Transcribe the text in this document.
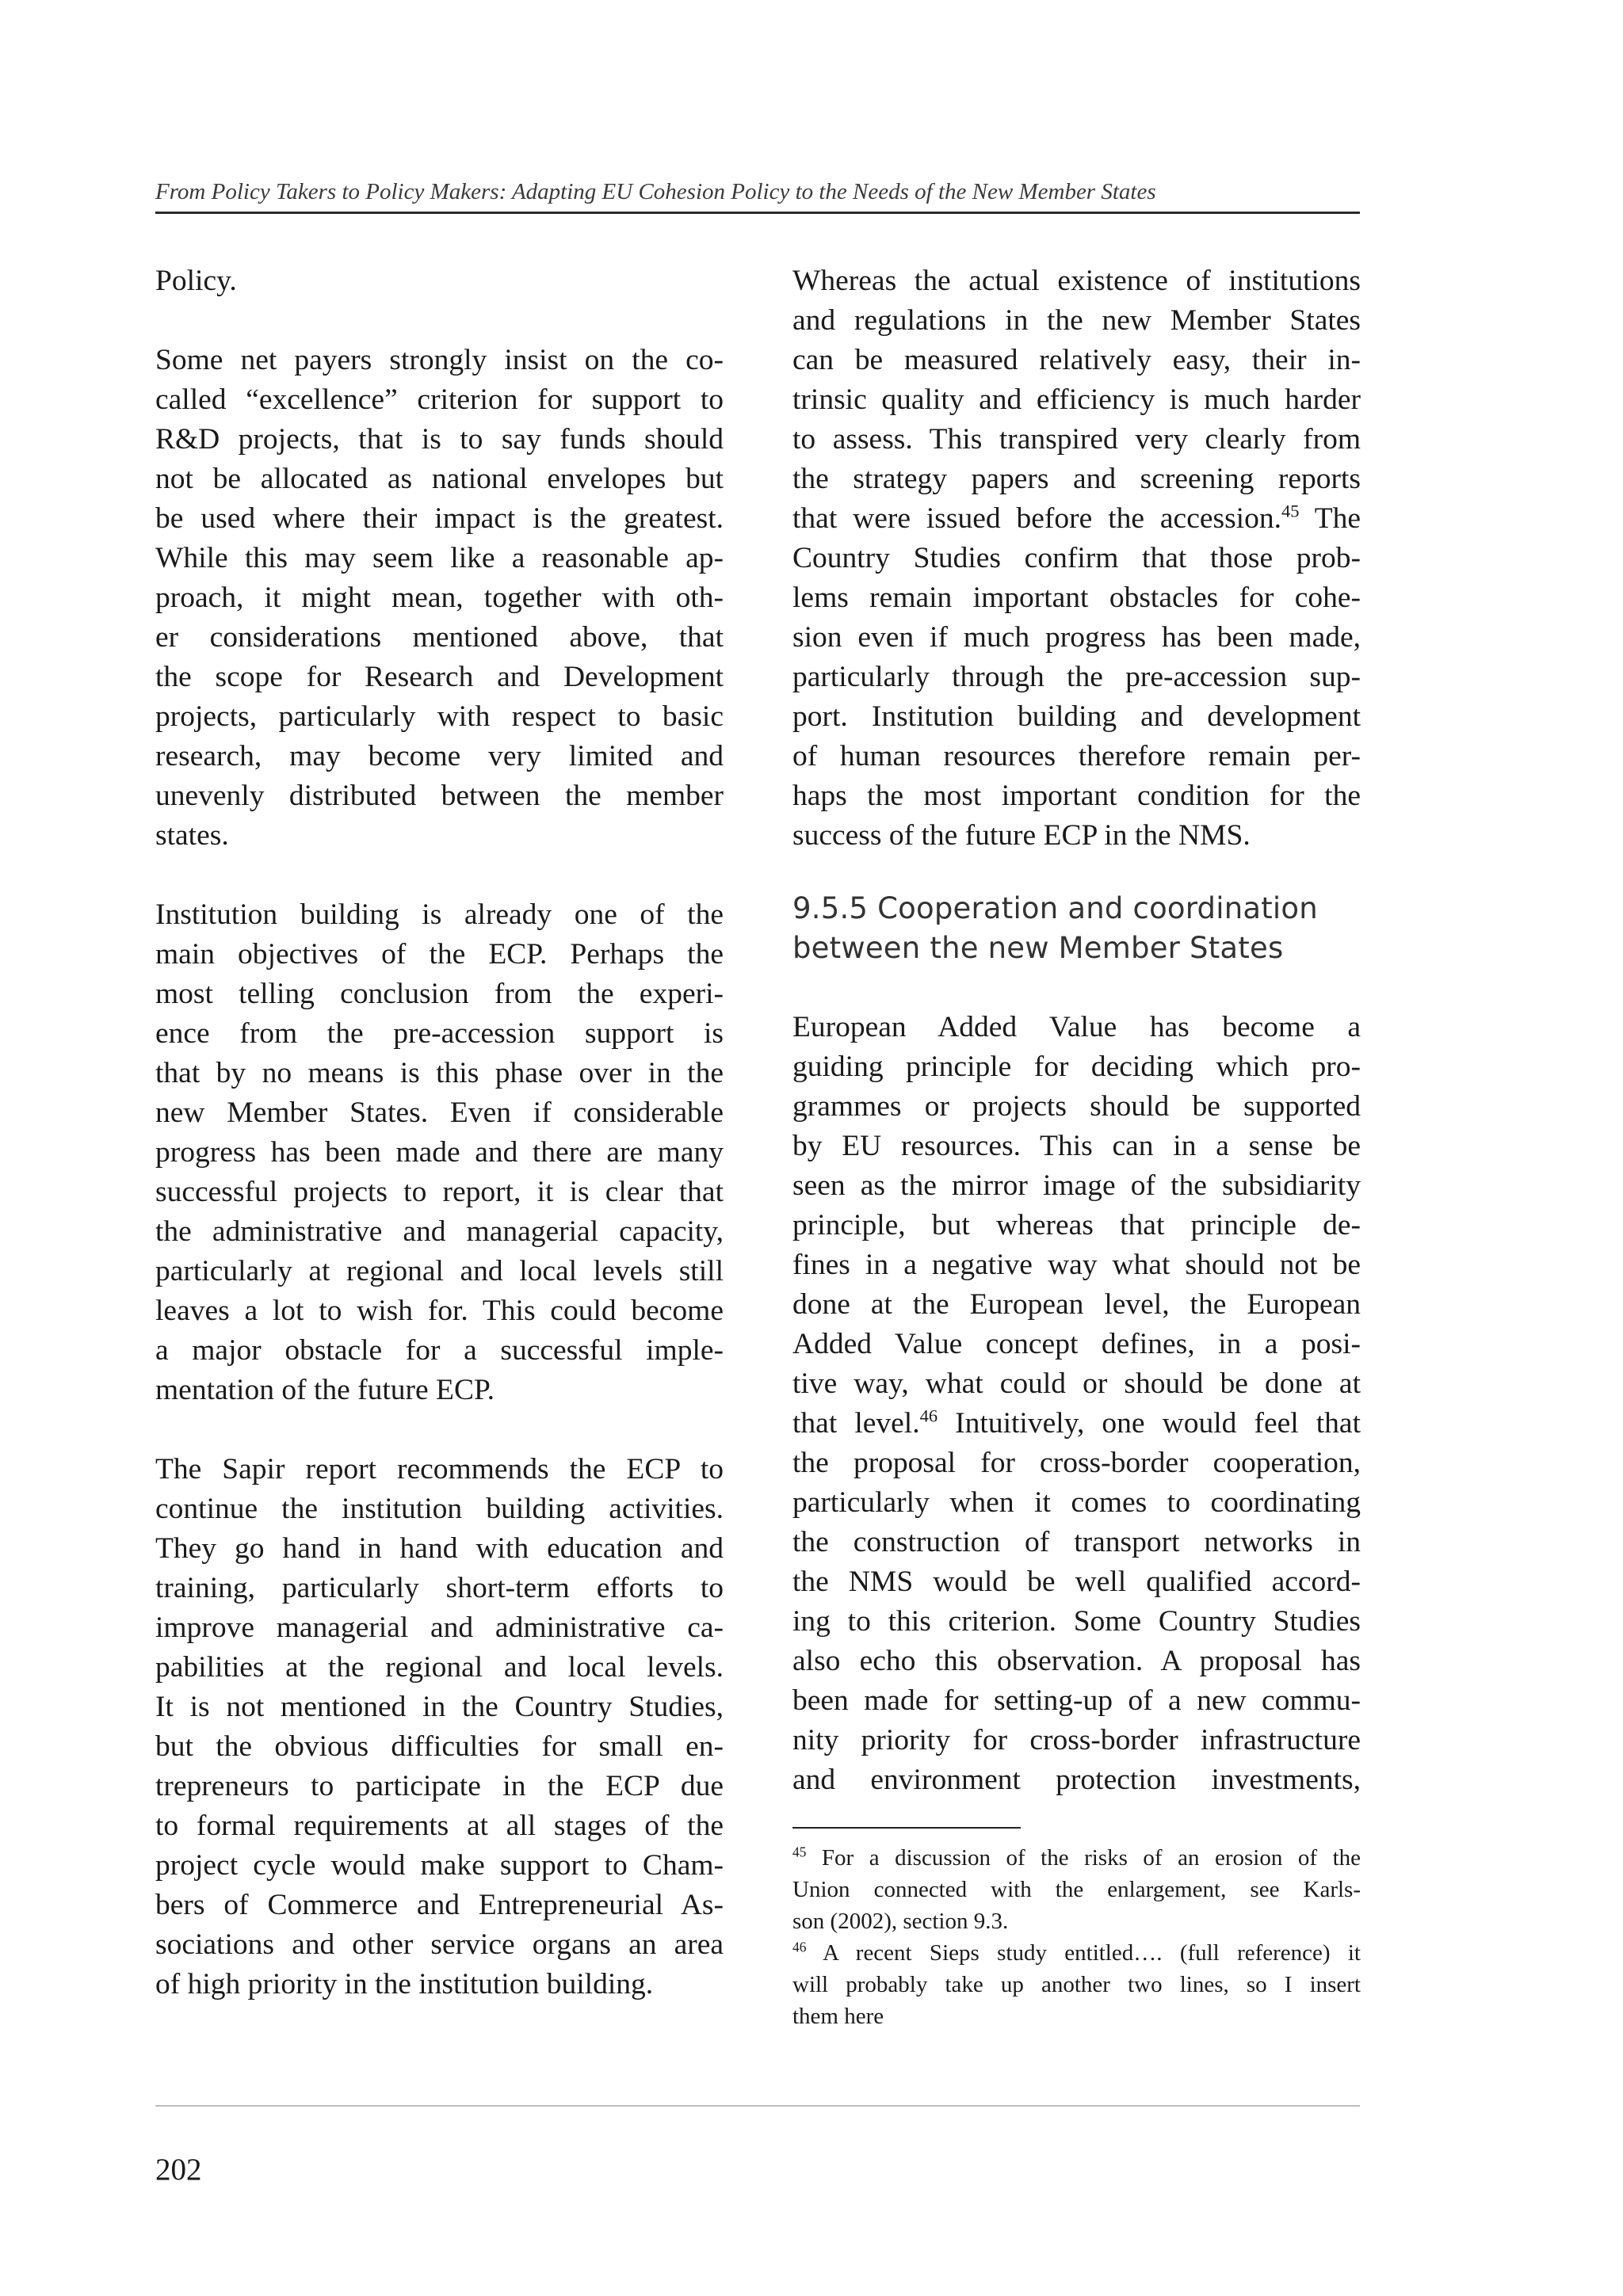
From Policy Takers to Policy Makers: Adapting EU Cohesion Policy to the Needs of the New Member States
Policy.
Some net payers strongly insist on the co-
called “excellence” criterion for support to
R&D projects, that is to say funds should
not be allocated as national envelopes but
be used where their impact is the greatest.
While this may seem like a reasonable ap-
proach, it might mean, together with oth-
er considerations mentioned above, that
the scope for Research and Development
projects, particularly with respect to basic
research, may become very limited and
unevenly distributed between the member
states.
Institution building is already one of the
main objectives of the ECP. Perhaps the
most telling conclusion from the experi-
ence from the pre-accession support is
that by no means is this phase over in the
new Member States. Even if considerable
progress has been made and there are many
successful projects to report, it is clear that
the administrative and managerial capacity,
particularly at regional and local levels still
leaves a lot to wish for. This could become
a major obstacle for a successful imple-
mentation of the future ECP.
The Sapir report recommends the ECP to
continue the institution building activities.
They go hand in hand with education and
training, particularly short-term efforts to
improve managerial and administrative ca-
pabilities at the regional and local levels.
It is not mentioned in the Country Studies,
but the obvious difficulties for small en-
trepreneurs to participate in the ECP due
to formal requirements at all stages of the
project cycle would make support to Cham-
bers of Commerce and Entrepreneurial As-
sociations and other service organs an area
of high priority in the institution building.
Whereas the actual existence of institutions
and regulations in the new Member States
can be measured relatively easy, their in-
trinsic quality and efficiency is much harder
to assess. This transpired very clearly from
the strategy papers and screening reports
that were issued before the accession.$^{45}$ The
Country Studies confirm that those prob-
lems remain important obstacles for cohe-
sion even if much progress has been made,
particularly through the pre-accession sup-
port. Institution building and development
of human resources therefore remain per-
haps the most important condition for the
success of the future ECP in the NMS.
9.5.5 Cooperation and coordination
between the new Member States
European Added Value has become a
guiding principle for deciding which pro-
grammes or projects should be supported
by EU resources. This can in a sense be
seen as the mirror image of the subsidiarity
principle, but whereas that principle de-
fines in a negative way what should not be
done at the European level, the European
Added Value concept defines, in a posi-
tive way, what could or should be done at
that level.$^{46}$ Intuitively, one would feel that
the proposal for cross-border cooperation,
particularly when it comes to coordinating
the construction of transport networks in
the NMS would be well qualified accord-
ing to this criterion. Some Country Studies
also echo this observation. A proposal has
been made for setting-up of a new commu-
nity priority for cross-border infrastructure
and environment protection investments,
$^{45}$ For a discussion of the risks of an erosion of the
Union connected with the enlargement, see Karls-
son (2002), section 9.3.
$^{46}$ A recent Sieps study entitled…. (full reference) it
will probably take up another two lines, so I insert
them here
202
